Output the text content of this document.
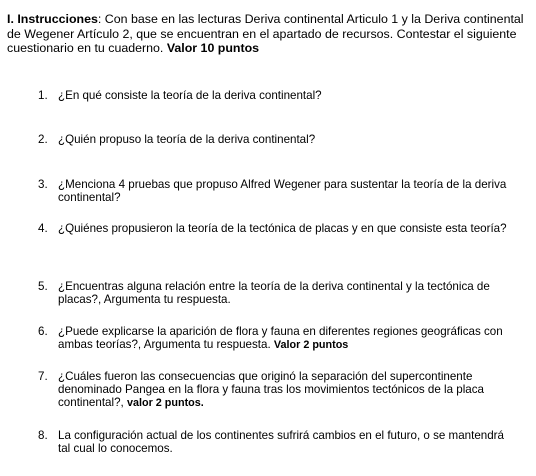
I. Instrucciones: Con base en las lecturas Deriva continental Articulo 1 y la Deriva continental de Wegener Artículo 2, que se encuentran en el apartado de recursos. Contestar el siguiente cuestionario en tu cuaderno. Valor 10 puntos

1. ¿En qué consiste la teoría de la deriva continental?

2. ¿Quién propuso la teoría de la deriva continental?

3. ¿Menciona 4 pruebas que propuso Alfred Wegener para sustentar la teoría de la deriva continental?

4. ¿Quiénes propusieron la teoría de la tectónica de placas y en que consiste esta teoría?

5. ¿Encuentras alguna relación entre la teoría de la deriva continental y la tectónica de placas?, Argumenta tu respuesta.

6. ¿Puede explicarse la aparición de flora y fauna en diferentes regiones geográficas con ambas teorías?, Argumenta tu respuesta. Valor 2 puntos

7. ¿Cuáles fueron las consecuencias que originó la separación del supercontinente denominado Pangea en la flora y fauna tras los movimientos tectónicos de la placa continental?, valor 2 puntos.

8. La configuración actual de los continentes sufrirá cambios en el futuro, o se mantendrá tal cual lo conocemos.
